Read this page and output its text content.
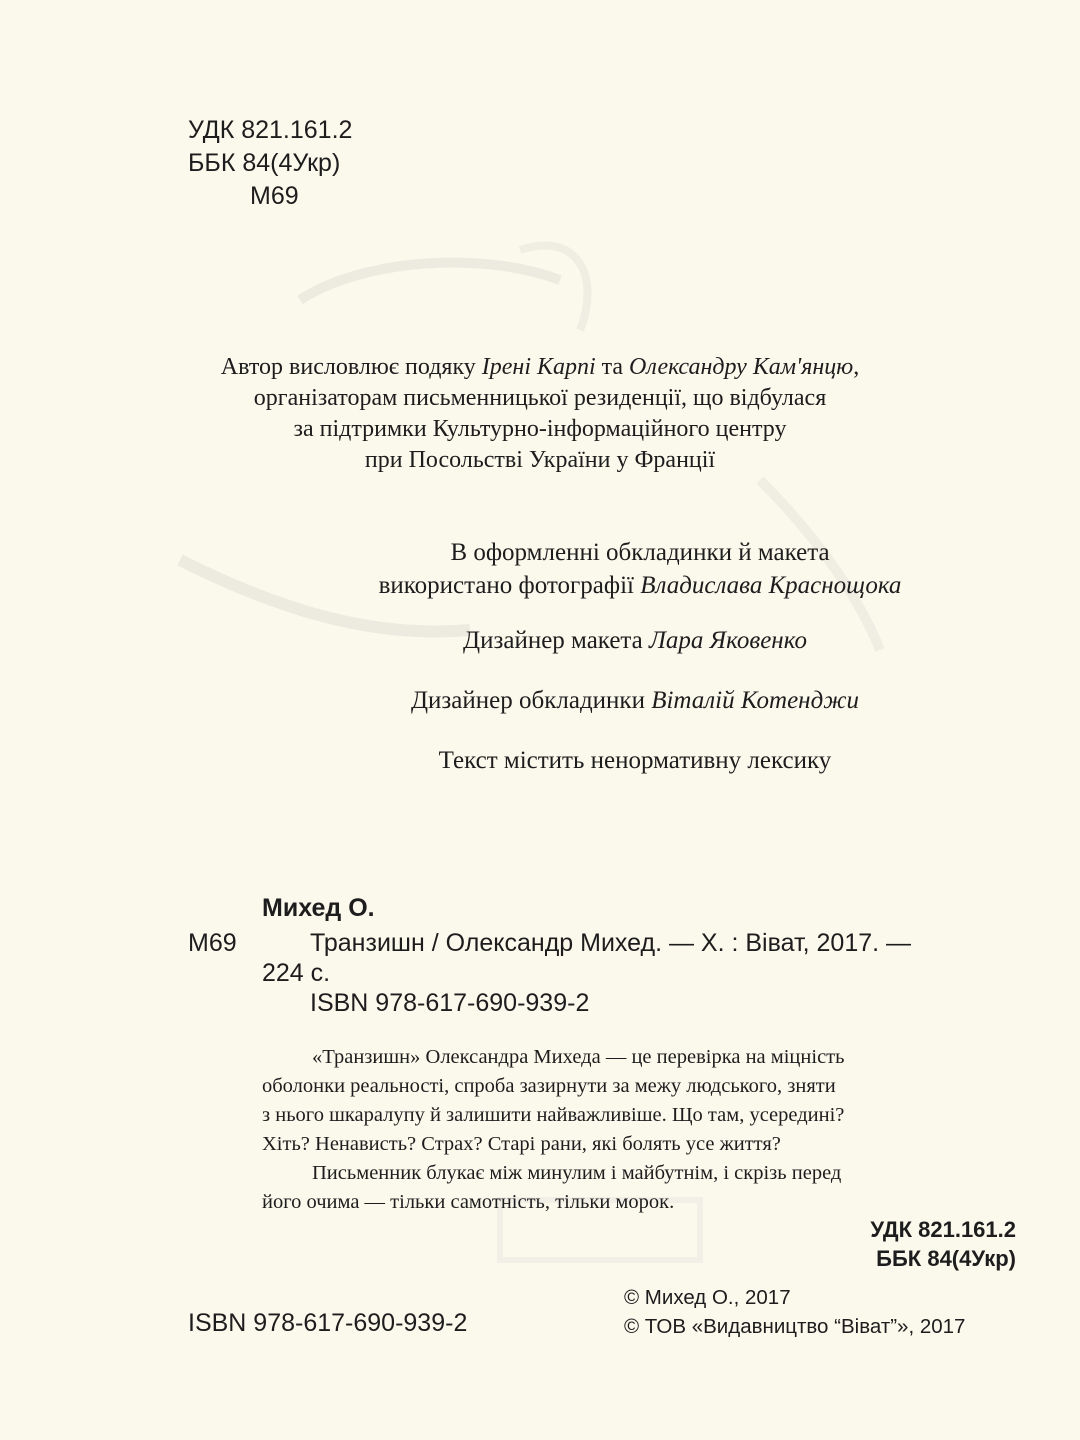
УДК 821.161.2
ББК 84(4Укр)
М69
Автор висловлює подяку Ірені Карпі та Олександру Кам'янцю,
організаторам письменницької резиденції, що відбулася
за підтримки Культурно-інформаційного центру
при Посольстві України у Франції
В оформленні обкладинки й макета
використано фотографії Владислава Краснощока
Дизайнер макета Лара Яковенко
Дизайнер обкладинки Віталій Котенджи
Текст містить ненормативну лексику
Михед О.
М69	Транзишн / Олександр Михед. — Х. : Віват, 2017. —
224 с.
ISBN 978-617-690-939-2
«Транзишн» Олександра Михеда — це перевірка на міцність
оболонки реальності, спроба зазирнути за межу людського, зняти
з нього шкаралупу й залишити найважливіше. Що там, усередині?
Хіть? Ненависть? Страх? Старі рани, які болять усе життя?
Письменник блукає між минулим і майбутнім, і скрізь перед
його очима — тільки самотність, тільки морок.
УДК 821.161.2
ББК 84(4Укр)
ISBN 978-617-690-939-2
© Михед О., 2017
© ТОВ «Видавництво “Віват”», 2017
